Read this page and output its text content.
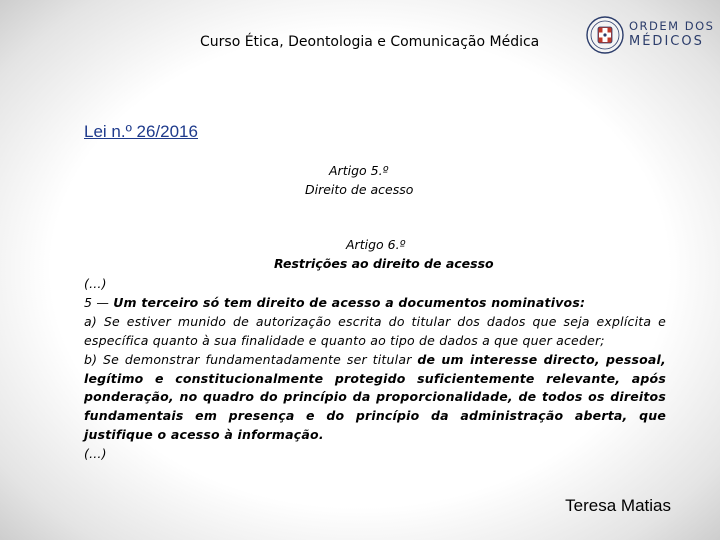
Curso Ética, Deontologia e Comunicação Médica
ORDEM DOS
MÉDICOS
Lei n.º 26/2016
Artigo 5.º
Direito de acesso
Artigo 6.º
Restrições ao direito de acesso

(...)

5 — Um terceiro só tem direito de acesso a documentos nominativos:

a) Se estiver munido de autorização escrita do titular dos dados que seja explícita e específica quanto à sua finalidade e quanto ao tipo de dados a que quer aceder;

b) Se demonstrar fundamentadamente ser titular de um interesse directo, pessoal, legítimo e constitucionalmente protegido suficientemente relevante, após ponderação, no quadro do princípio da proporcionalidade, de todos os direitos fundamentais em presença e do princípio da administração aberta, que justifique o acesso à informação.

(...)

Teresa Matias
